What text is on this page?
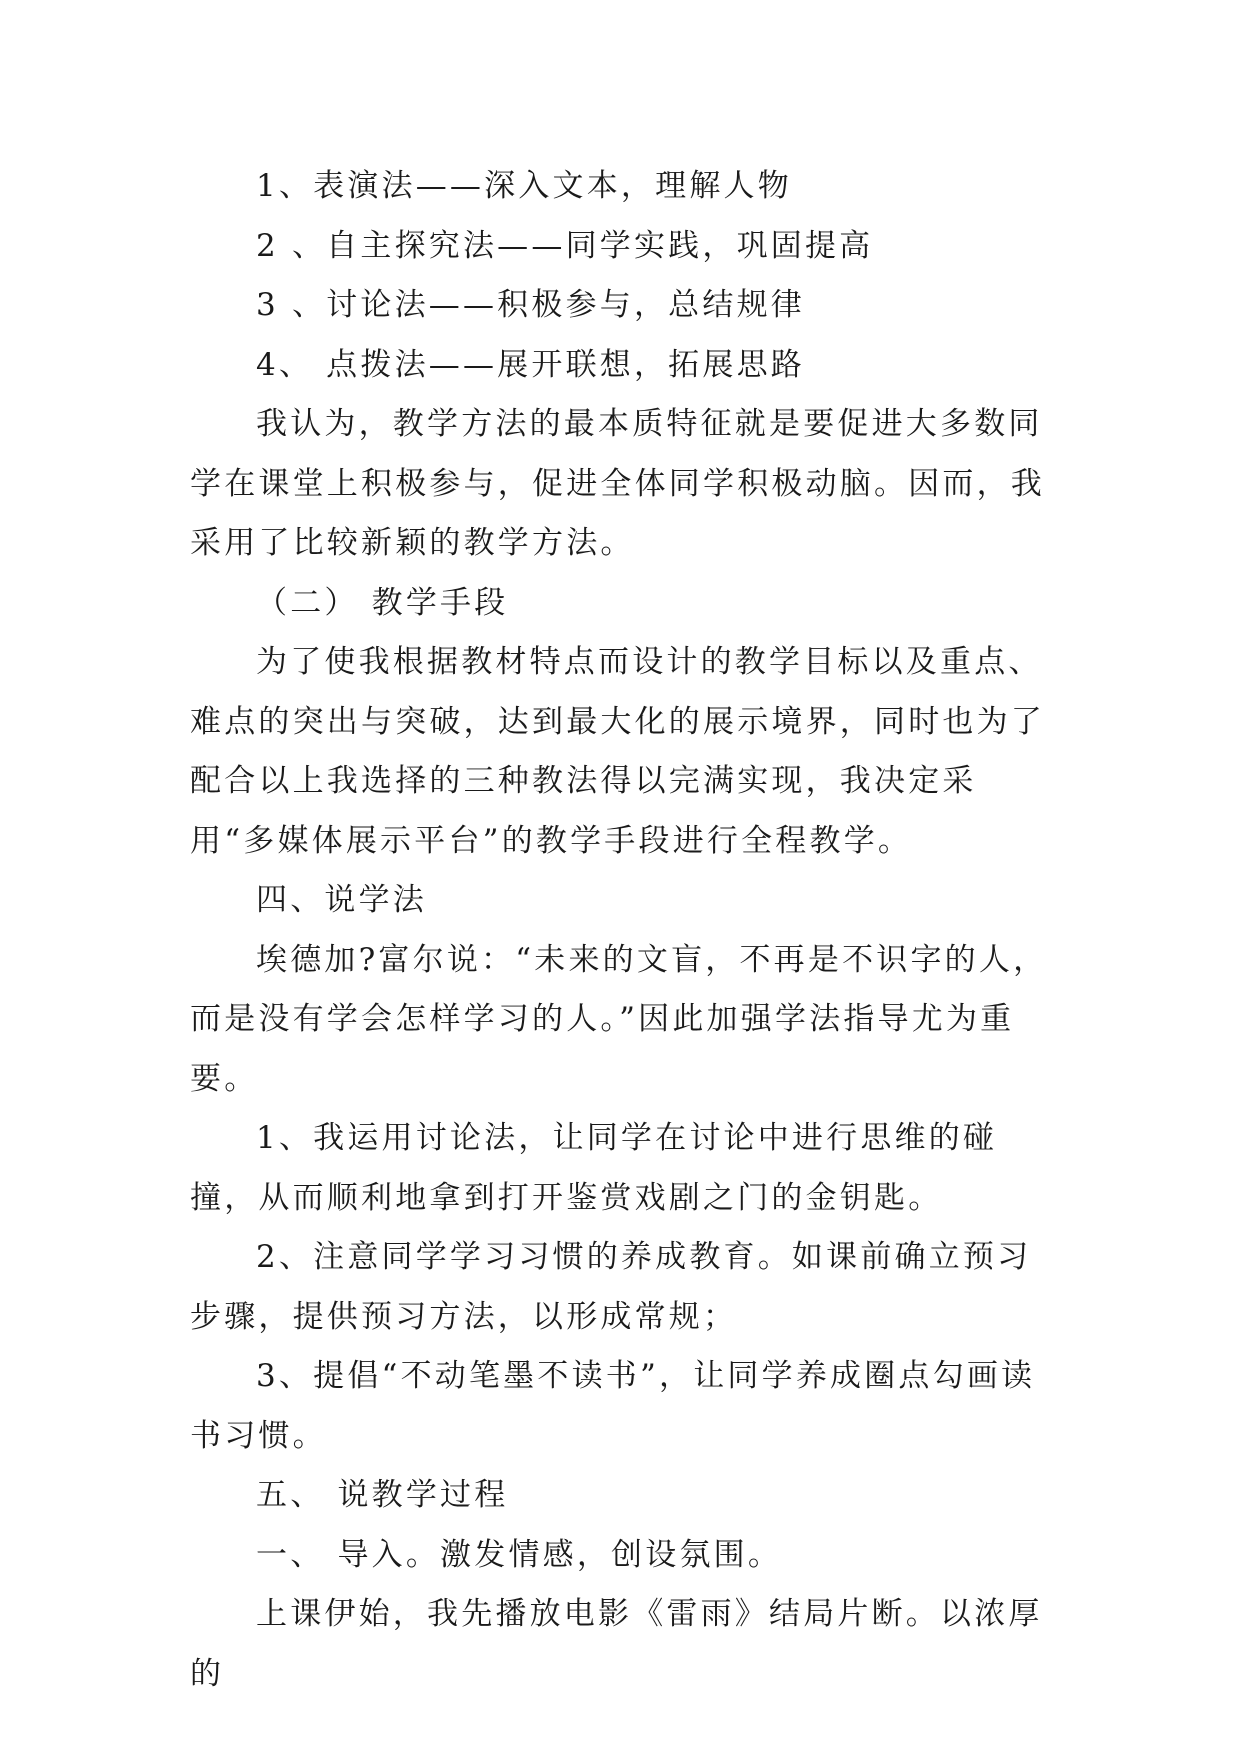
1、表演法——深入文本，理解人物

2 、自主探究法——同学实践，巩固提高

3 、讨论法——积极参与，总结规律

4、 点拨法——展开联想，拓展思路

我认为，教学方法的最本质特征就是要促进大多数同学在课堂上积极参与，促进全体同学积极动脑。因而，我采用了比较新颖的教学方法。

（二） 教学手段

为了使我根据教材特点而设计的教学目标以及重点、难点的突出与突破，达到最大化的展示境界，同时也为了配合以上我选择的三种教法得以完满实现，我决定采用“多媒体展示平台”的教学手段进行全程教学。

四、说学法

埃德加?富尔说：“未来的文盲，不再是不识字的人，而是没有学会怎样学习的人。”因此加强学法指导尤为重要。

1、我运用讨论法，让同学在讨论中进行思维的碰撞，从而顺利地拿到打开鉴赏戏剧之门的金钥匙。

2、注意同学学习习惯的养成教育。如课前确立预习步骤，提供预习方法，以形成常规；

3、提倡“不动笔墨不读书”，让同学养成圈点勾画读书习惯。

五、 说教学过程

一、 导入。激发情感，创设氛围。

上课伊始，我先播放电影《雷雨》结局片断。以浓厚的
